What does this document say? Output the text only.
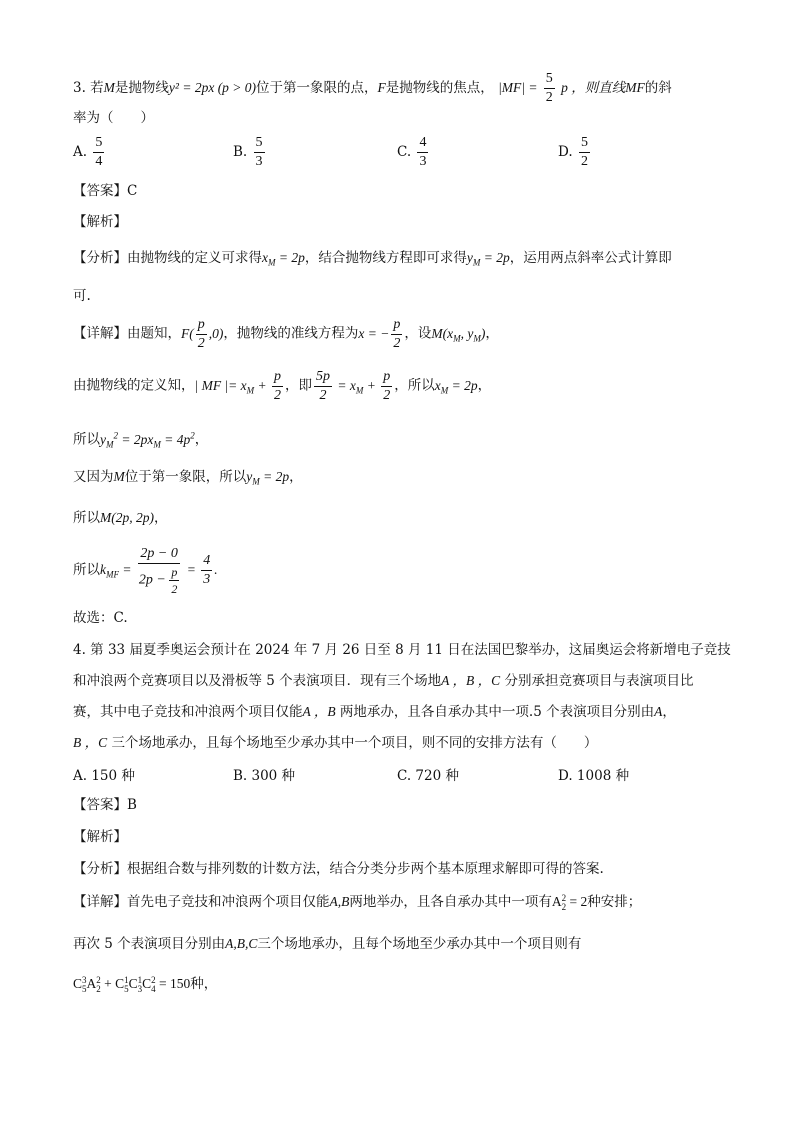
3. 若M是抛物线y² = 2px (p > 0)位于第一象限的点，F是抛物线的焦点， $|MF| = \frac{5}{2}$ p ，则直线MF的斜
率为（　　）
A. $\frac{5}{4}$	B. $\frac{5}{3}$	C. $\frac{4}{3}$	D. $\frac{5}{2}$
【答案】C
【解析】
【分析】由抛物线的定义可求得$x_M = 2p$，结合抛物线方程即可求得$y_M = 2p$，运用两点斜率公式计算即
可.
【详解】由题知，$F( \frac{p}{2} ,0)$，抛物线的准线方程为x = − $\frac{p}{2}$ ，设$M(x_M$, $y_M$)，
由抛物线的定义知，| MF |= $x_M + \frac{p}{2}$ ，即 $\frac{5p}{2} = x_M + \frac{p}{2}$ ，所以$x_M = 2p$，
所以$y_M^2 = 2px_M = 4p^2$，
又因为M位于第一象限，所以$y_M = 2p$，
所以M(2p, 2p)，
所以$k_{MF} = \frac{2p - 0}{2p - \frac{p}{2}} = \frac{4}{3}$ .
故选：C.
4. 第 33 届夏季奥运会预计在 2024 年 7 月 26 日至 8 月 11 日在法国巴黎举办，这届奥运会将新增电子竞技
和冲浪两个竞赛项目以及滑板等 5 个表演项目．现有三个场地A ，B ，C 分别承担竞赛项目与表演项目比
赛，其中电子竞技和冲浪两个项目仅能A ，B 两地承办，且各自承办其中一项.5 个表演项目分别由A，
B ，C 三个场地承办，且每个场地至少承办其中一个项目，则不同的安排方法有（　　）
A. 150 种	B. 300 种	C. 720 种	D. 1008 种
【答案】B
【解析】
【分析】根据组合数与排列数的计数方法，结合分类分步两个基本原理求解即可得的答案.
【详解】首先电子竞技和冲浪两个项目仅能A,B两地举办，且各自承办其中一项有A 2
2 = 2种安排；
再次 5 个表演项目分别由A,B,C三个场地承办，且每个场地至少承办其中一个项目则有
C 3
5 A 2
2 + C 1
5 C 1
3 C 2
4 = 150种，
